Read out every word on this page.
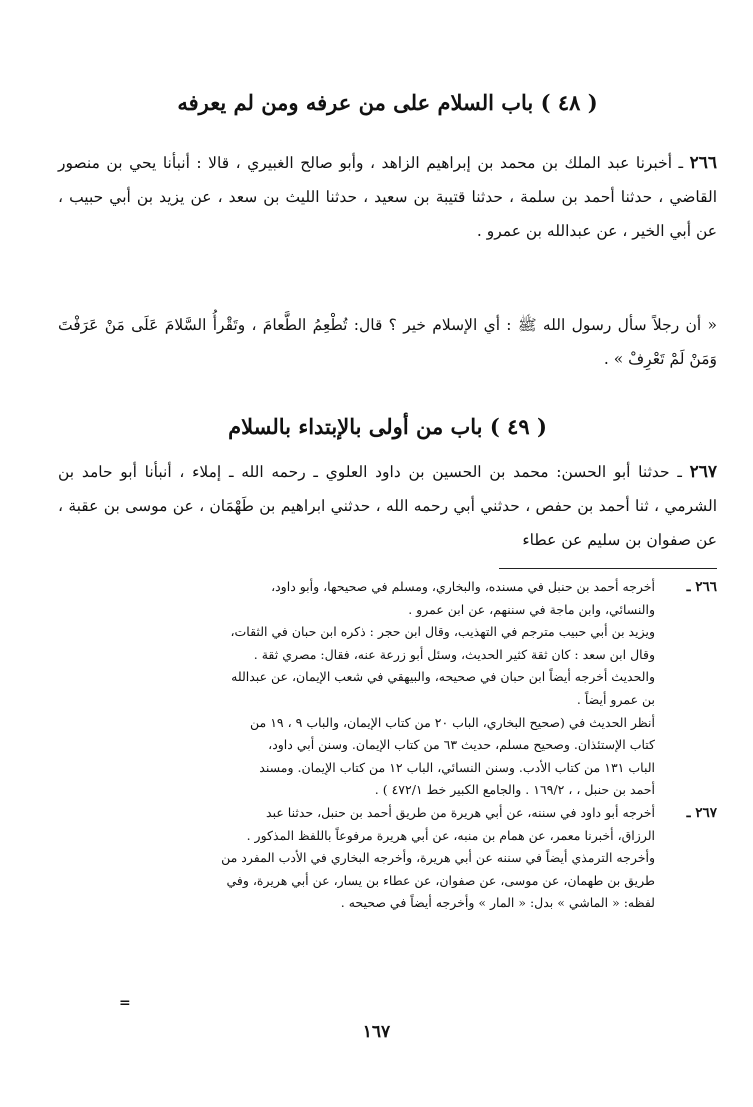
( ٤٨ ) باب السلام على من عرفه ومن لم يعرفه

٢٦٦ ـ أخبرنا عبد الملك بن محمد بن إبراهيم الزاهد ، وأبو صالح الغبيري ، قالا : أنبأنا يحي بن منصور القاضي ، حدثنا أحمد بن سلمة ، حدثنا قتيبة بن سعيد ، حدثنا الليث بن سعد ، عن يزيد بن أبي حبيب ، عن أبي الخير ، عن عبدالله بن عمرو .

« أن رجلاً سأل رسول الله ﷺ : أي الإسلام خير ؟ قال: تُطْعِمُ الطَّعامَ ، وتَقْرأُ السَّلامَ عَلَى مَنْ عَرَفْتَ وَمَنْ لَمْ تَعْرِفْ » .

( ٤٩ ) باب من أولى بالإبتداء بالسلام

٢٦٧ ـ حدثنا أبو الحسن: محمد بن الحسين بن داود العلوي ـ رحمه الله ـ إملاء ، أنبأنا أبو حامد بن الشرمي ، ثنا أحمد بن حفص ، حدثني أبي رحمه الله ، حدثني ابراهيم بن طَهْمَان ، عن موسى بن عقبة ، عن صفوان بن سليم عن عطاء

٢٦٦ ـ

أخرجه أحمد بن حنبل في مسنده، والبخاري، ومسلم في صحيحها، وأبو داود،

والنسائي، وابن ماجة في سننهم، عن ابن عمرو .

ويزيد بن أبي حبيب مترجم في التهذيب، وقال ابن حجر : ذكره ابن حبان في الثقات،

وقال ابن سعد : كان ثقة كثير الحديث، وسئل أبو زرعة عنه، فقال: مصري ثقة .

والحديث أخرجه أيضاً ابن حبان في صحيحه، والبيهقي في شعب الإيمان، عن عبدالله

بن عمرو أيضاً .

أنظر الحديث في (صحيح البخاري، الباب ٢٠ من كتاب الإيمان، والباب ٩ ، ١٩ من

كتاب الإستئذان. وصحيح مسلم، حديث ٦٣ من كتاب الإيمان. وسنن أبي داود،

الباب ١٣١ من كتاب الأدب. وسنن النسائي، الباب ١٢ من كتاب الإيمان. ومسند

أحمد بن حنبل ، ، ١٦٩/٢ . والجامع الكبير خط ٤٧٢/١ ) .

٢٦٧ ـ

أخرجه أبو داود في سننه، عن أبي هريرة من طريق أحمد بن حنبل، حدثنا عبد

الرزاق، أخبرنا معمر، عن همام بن منبه، عن أبي هريرة مرفوعاً باللفظ المذكور .

وأخرجه الترمذي أيضاً في سننه عن أبي هريرة، وأخرجه البخاري في الأدب المفرد من

طريق بن طهمان، عن موسى، عن صفوان، عن عطاء بن يسار، عن أبي هريرة، وفي

لفظه: « الماشي » بدل: « المار » وأخرجه أيضاً في صحيحه .

=
١٦٧
